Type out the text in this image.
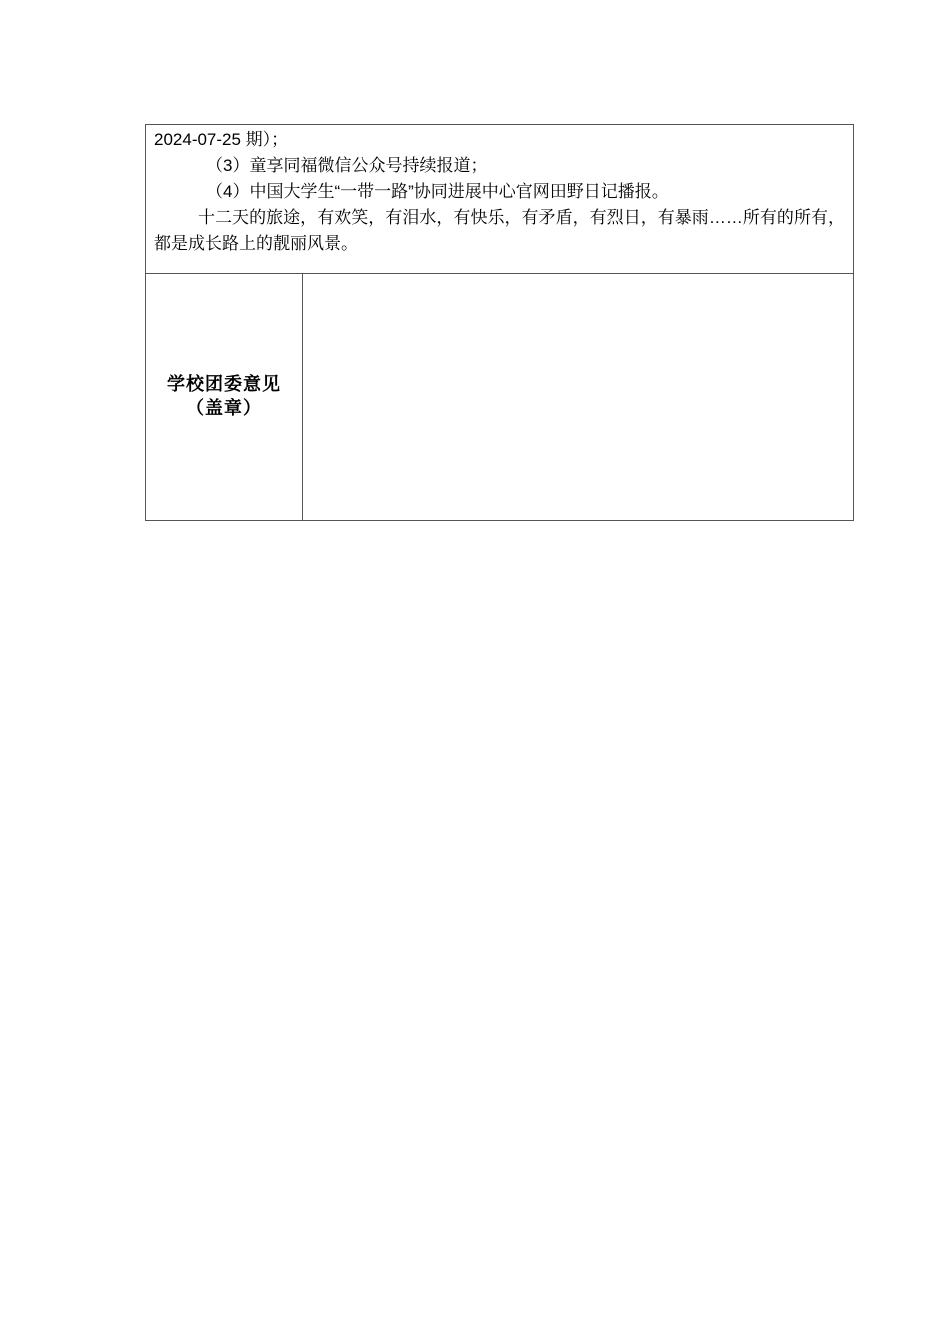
2024-07-25 期）；
（3）童享同福微信公众号持续报道；
（4）中国大学生“一带一路”协同进展中心官网田野日记播报。
十二天的旅途，有欢笑，有泪水，有快乐，有矛盾，有烈日，有暴雨……所有的所有，都是成长路上的靓丽风景。

学校团委意见
（盖章）
